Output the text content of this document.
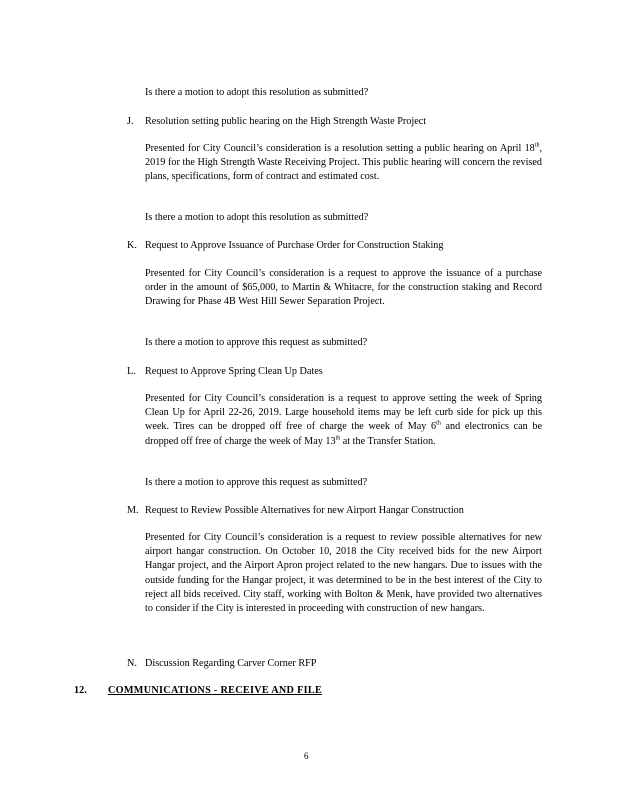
Is there a motion to adopt this resolution as submitted?
J. Resolution setting public hearing on the High Strength Waste Project
Presented for City Council’s consideration is a resolution setting a public hearing on April 18th, 2019 for the High Strength Waste Receiving Project. This public hearing will concern the revised plans, specifications, form of contract and estimated cost.
Is there a motion to adopt this resolution as submitted?
K. Request to Approve Issuance of Purchase Order for Construction Staking
Presented for City Council’s consideration is a request to approve the issuance of a purchase order in the amount of $65,000, to Martin & Whitacre, for the construction staking and Record Drawing for Phase 4B West Hill Sewer Separation Project.
Is there a motion to approve this request as submitted?
L. Request to Approve Spring Clean Up Dates
Presented for City Council’s consideration is a request to approve setting the week of Spring Clean Up for April 22-26, 2019. Large household items may be left curb side for pick up this week. Tires can be dropped off free of charge the week of May 6th and electronics can be dropped off free of charge the week of May 13th at the Transfer Station.
Is there a motion to approve this request as submitted?
M. Request to Review Possible Alternatives for new Airport Hangar Construction
Presented for City Council’s consideration is a request to review possible alternatives for new airport hangar construction. On October 10, 2018 the City received bids for the new Airport Hangar project, and the Airport Apron project related to the new hangars. Due to issues with the outside funding for the Hangar project, it was determined to be in the best interest of the City to reject all bids received. City staff, working with Bolton & Menk, have provided two alternatives to consider if the City is interested in proceeding with construction of new hangars.
N. Discussion Regarding Carver Corner RFP
12. COMMUNICATIONS - RECEIVE AND FILE
6
